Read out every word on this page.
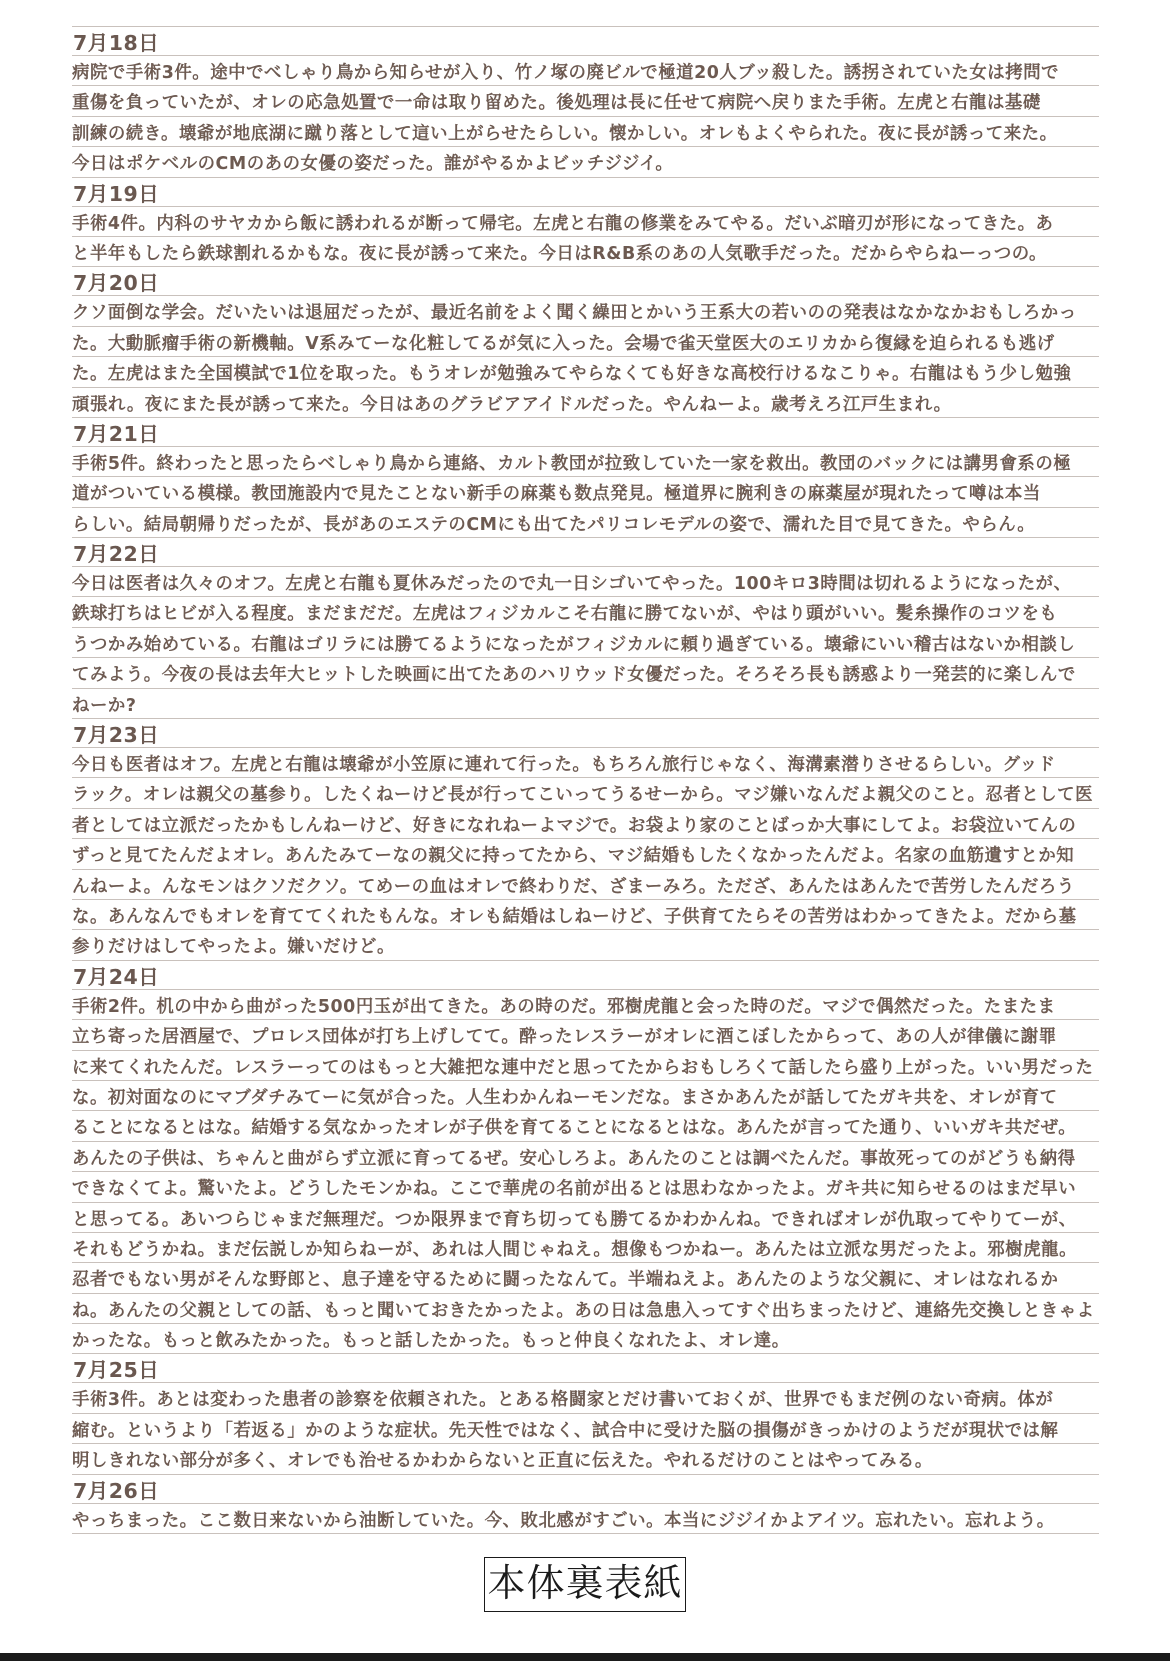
7月18日
病院で手術3件。途中でべしゃり鳥から知らせが入り、竹ノ塚の廃ビルで極道20人ブッ殺した。誘拐されていた女は拷問で
重傷を負っていたが、オレの応急処置で一命は取り留めた。後処理は長に任せて病院へ戻りまた手術。左虎と右龍は基礎
訓練の続き。壊爺が地底湖に蹴り落として這い上がらせたらしい。懐かしい。オレもよくやられた。夜に長が誘って来た。
今日はポケベルのCMのあの女優の姿だった。誰がやるかよビッチジジイ。
7月19日
手術4件。内科のサヤカから飯に誘われるが断って帰宅。左虎と右龍の修業をみてやる。だいぶ暗刃が形になってきた。あ
と半年もしたら鉄球割れるかもな。夜に長が誘って来た。今日はR&B系のあの人気歌手だった。だからやらねーっつの。
7月20日
クソ面倒な学会。だいたいは退屈だったが、最近名前をよく聞く繰田とかいう王系大の若いのの発表はなかなかおもしろかっ
た。大動脈瘤手術の新機軸。V系みてーな化粧してるが気に入った。会場で雀天堂医大のエリカから復縁を迫られるも逃げ
た。左虎はまた全国模試で1位を取った。もうオレが勉強みてやらなくても好きな高校行けるなこりゃ。右龍はもう少し勉強
頑張れ。夜にまた長が誘って来た。今日はあのグラビアアイドルだった。やんねーよ。歳考えろ江戸生まれ。
7月21日
手術5件。終わったと思ったらべしゃり鳥から連絡、カルト教団が拉致していた一家を救出。教団のバックには講男會系の極
道がついている模様。教団施設内で見たことない新手の麻薬も数点発見。極道界に腕利きの麻薬屋が現れたって噂は本当
らしい。結局朝帰りだったが、長があのエステのCMにも出てたパリコレモデルの姿で、濡れた目で見てきた。やらん。
7月22日
今日は医者は久々のオフ。左虎と右龍も夏休みだったので丸一日シゴいてやった。100キロ3時間は切れるようになったが、
鉄球打ちはヒビが入る程度。まだまだだ。左虎はフィジカルこそ右龍に勝てないが、やはり頭がいい。髪糸操作のコツをも
うつかみ始めている。右龍はゴリラには勝てるようになったがフィジカルに頼り過ぎている。壊爺にいい稽古はないか相談し
てみよう。今夜の長は去年大ヒットした映画に出てたあのハリウッド女優だった。そろそろ長も誘惑より一発芸的に楽しんで
ねーか?
7月23日
今日も医者はオフ。左虎と右龍は壊爺が小笠原に連れて行った。もちろん旅行じゃなく、海溝素潜りさせるらしい。グッド
ラック。オレは親父の墓参り。したくねーけど長が行ってこいってうるせーから。マジ嫌いなんだよ親父のこと。忍者として医
者としては立派だったかもしんねーけど、好きになれねーよマジで。お袋より家のことばっか大事にしてよ。お袋泣いてんの
ずっと見てたんだよオレ。あんたみてーなの親父に持ってたから、マジ結婚もしたくなかったんだよ。名家の血筋遺すとか知
んねーよ。んなモンはクソだクソ。てめーの血はオレで終わりだ、ざまーみろ。ただざ、あんたはあんたで苦労したんだろう
な。あんなんでもオレを育ててくれたもんな。オレも結婚はしねーけど、子供育てたらその苦労はわかってきたよ。だから墓
参りだけはしてやったよ。嫌いだけど。
7月24日
手術2件。机の中から曲がった500円玉が出てきた。あの時のだ。邪樹虎龍と会った時のだ。マジで偶然だった。たまたま
立ち寄った居酒屋で、プロレス団体が打ち上げしてて。酔ったレスラーがオレに酒こぼしたからって、あの人が律儀に謝罪
に来てくれたんだ。レスラーってのはもっと大雑把な連中だと思ってたからおもしろくて話したら盛り上がった。いい男だった
な。初対面なのにマブダチみてーに気が合った。人生わかんねーモンだな。まさかあんたが話してたガキ共を、オレが育て
ることになるとはな。結婚する気なかったオレが子供を育てることになるとはな。あんたが言ってた通り、いいガキ共だぜ。
あんたの子供は、ちゃんと曲がらず立派に育ってるぜ。安心しろよ。あんたのことは調べたんだ。事故死ってのがどうも納得
できなくてよ。驚いたよ。どうしたモンかね。ここで華虎の名前が出るとは思わなかったよ。ガキ共に知らせるのはまだ早い
と思ってる。あいつらじゃまだ無理だ。つか限界まで育ち切っても勝てるかわかんね。できればオレが仇取ってやりてーが、
それもどうかね。まだ伝説しか知らねーが、あれは人間じゃねえ。想像もつかねー。あんたは立派な男だったよ。邪樹虎龍。
忍者でもない男がそんな野郎と、息子達を守るために闘ったなんて。半端ねえよ。あんたのような父親に、オレはなれるか
ね。あんたの父親としての話、もっと聞いておきたかったよ。あの日は急患入ってすぐ出ちまったけど、連絡先交換しときゃよ
かったな。もっと飲みたかった。もっと話したかった。もっと仲良くなれたよ、オレ達。
7月25日
手術3件。あとは変わった患者の診察を依頼された。とある格闘家とだけ書いておくが、世界でもまだ例のない奇病。体が
縮む。というより「若返る」かのような症状。先天性ではなく、試合中に受けた脳の損傷がきっかけのようだが現状では解
明しきれない部分が多く、オレでも治せるかわからないと正直に伝えた。やれるだけのことはやってみる。
7月26日
やっちまった。ここ数日来ないから油断していた。今、敗北感がすごい。本当にジジイかよアイツ。忘れたい。忘れよう。
本体裏表紙
